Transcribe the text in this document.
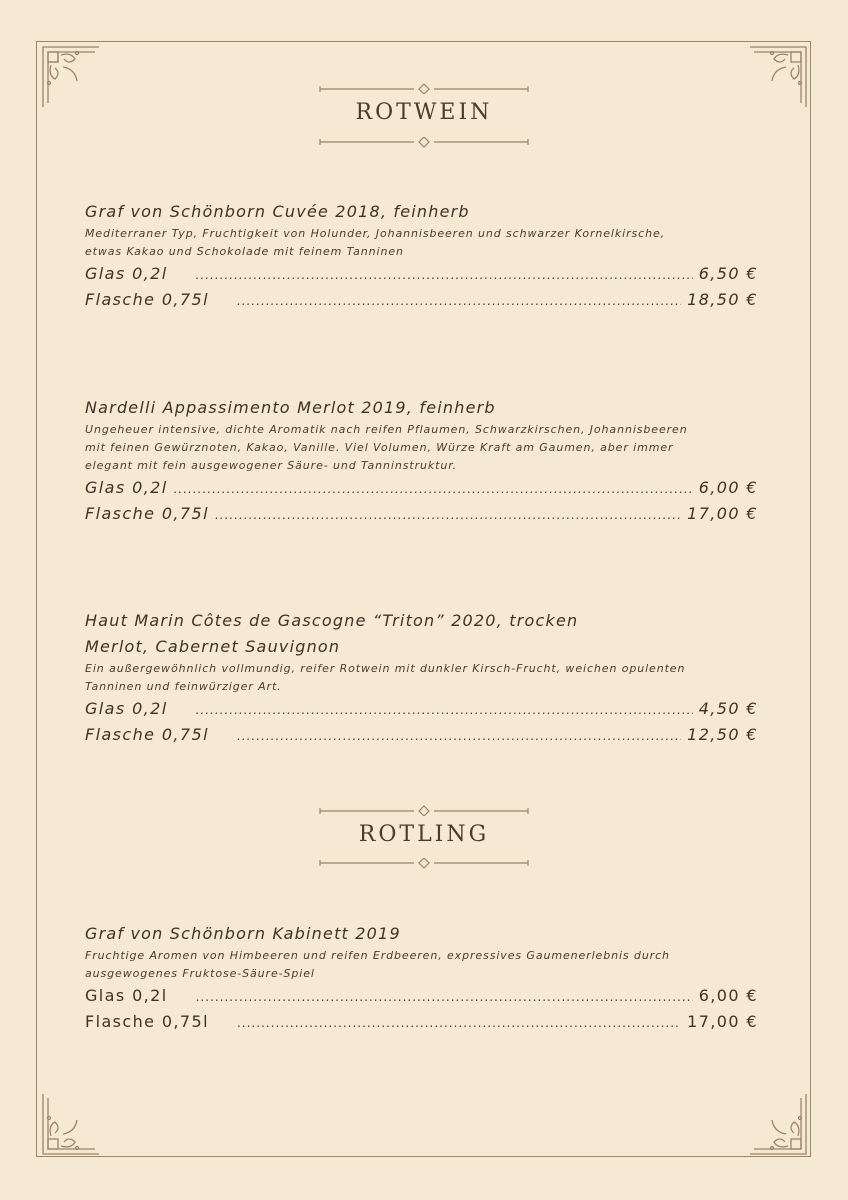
ROTWEIN
Graf von Schönborn Cuvée 2018, feinherb
Mediterraner Typ, Fruchtigkeit von Holunder, Johannisbeeren und schwarzer Kornelkirsche,
etwas Kakao und Schokolade mit feinem Tanninen
Glas 0,2l .....	6,50 €
Flasche 0,75l .....	18,50 €
Nardelli Appassimento Merlot 2019, feinherb
Ungeheuer intensive, dichte Aromatik nach reifen Pflaumen, Schwarzkirschen, Johannisbeeren
mit feinen Gewürznoten, Kakao, Vanille. Viel Volumen, Würze Kraft am Gaumen, aber immer
elegant mit fein ausgewogener Säure- und Tanninstruktur.
Glas 0,2l .....	6,00 €
Flasche 0,75l .....	17,00 €
Haut Marin Côtes de Gascogne “Triton” 2020, trocken
Merlot, Cabernet Sauvignon
Ein außergewöhnlich vollmundig, reifer Rotwein mit dunkler Kirsch-Frucht, weichen opulenten
Tanninen und feinwürziger Art.
Glas 0,2l .....	4,50 €
Flasche 0,75l .....	12,50 €
ROTLING
Graf von Schönborn Kabinett 2019
Fruchtige Aromen von Himbeeren und reifen Erdbeeren, expressives Gaumenerlebnis durch
ausgewogenes Fruktose-Säure-Spiel
Glas 0,2l .....	6,00 €
Flasche 0,75l .....	17,00 €
